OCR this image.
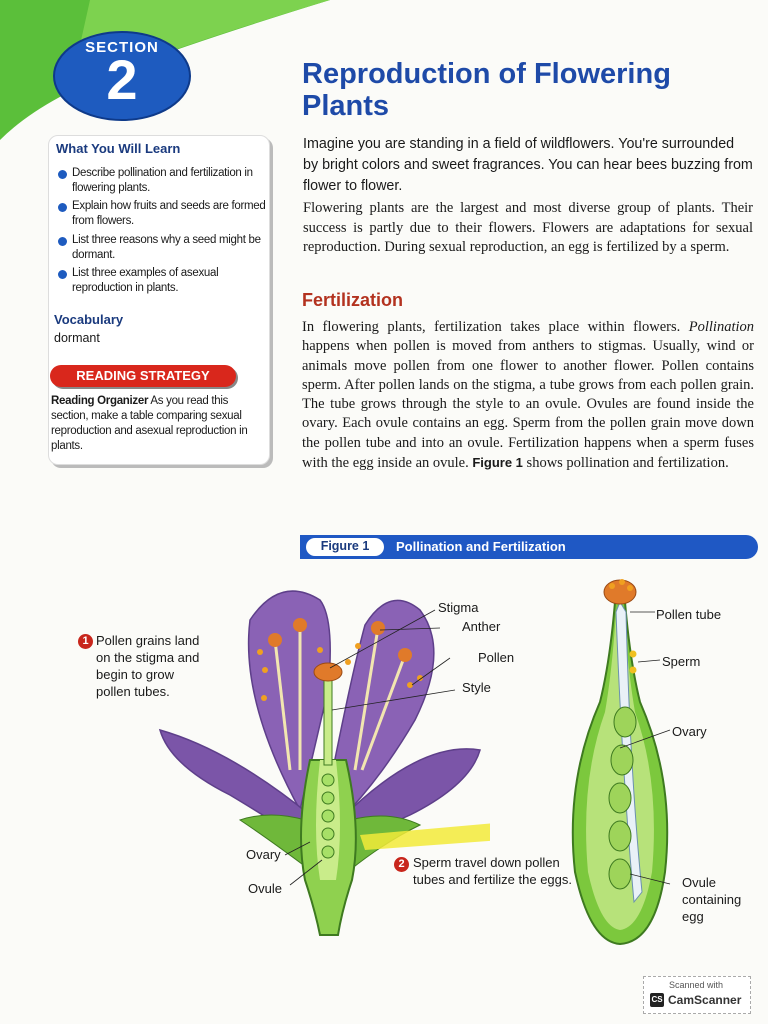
SECTION
2	Reproduction of Flowering Plants
What You Will Learn
Describe pollination and fertilization in flowering plants.
Explain how fruits and seeds are formed from flowers.
List three reasons why a seed might be dormant.
List three examples of asexual reproduction in plants.
Vocabulary
dormant
READING STRATEGY
Reading Organizer As you read this section, make a table comparing sexual reproduction and asexual reproduction in plants.
Imagine you are standing in a field of wildflowers. You're surrounded by bright colors and sweet fragrances. You can hear bees buzzing from flower to flower.
Flowering plants are the largest and most diverse group of plants. Their success is partly due to their flowers. Flowers are adaptations for sexual reproduction. During sexual reproduction, an egg is fertilized by a sperm.
Fertilization
In flowering plants, fertilization takes place within flowers. Pollination happens when pollen is moved from anthers to stigmas. Usually, wind or animals move pollen from one flower to another flower. Pollen contains sperm. After pollen lands on the stigma, a tube grows from each pollen grain. The tube grows through the style to an ovule. Ovules are found inside the ovary. Each ovule contains an egg. Sperm from the pollen grain move down the pollen tube and into an ovule. Fertilization happens when a sperm fuses with the egg inside an ovule. Figure 1 shows pollination and fertilization.
Figure 1	Pollination and Fertilization
1 Pollen grains land on the stigma and begin to grow pollen tubes.
Stigma
Anther
Pollen
Style
Ovary
Ovule
2 Sperm travel down pollen tubes and fertilize the eggs.
Pollen tube
Sperm
Ovary
Ovule containing egg
Scanned with
CS CamScanner
